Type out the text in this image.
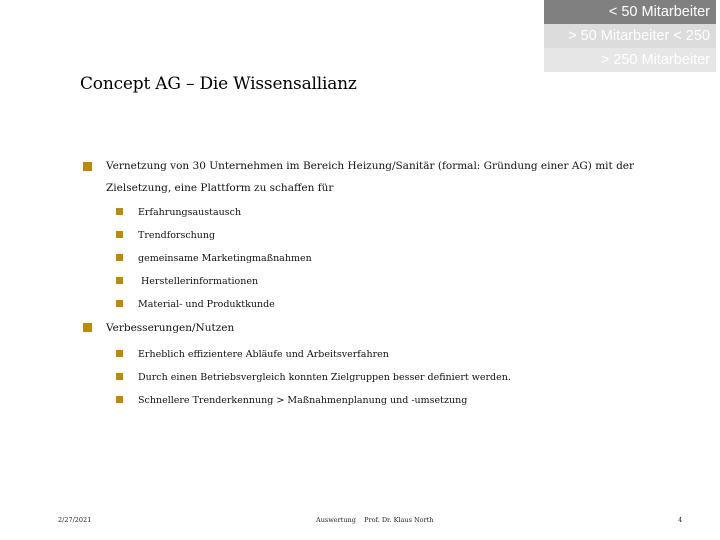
< 50 Mitarbeiter
> 50 Mitarbeiter < 250
> 250 Mitarbeiter
Concept AG – Die Wissensallianz
Vernetzung von 30 Unternehmen im Bereich Heizung/Sanitär (formal: Gründung einer AG) mit der
Zielsetzung, eine Plattform zu schaffen für
Erfahrungsaustausch
Trendforschung
gemeinsame Marketingmaßnahmen
Herstellerinformationen
Material- und Produktkunde
Verbesserungen/Nutzen
Erheblich effizientere Abläufe und Arbeitsverfahren
Durch einen Betriebsvergleich konnten Zielgruppen besser definiert werden.
Schnellere Trenderkennung > Maßnahmenplanung und -umsetzung
2/27/2021	Auswertung    Prof. Dr. Klaus North	4
